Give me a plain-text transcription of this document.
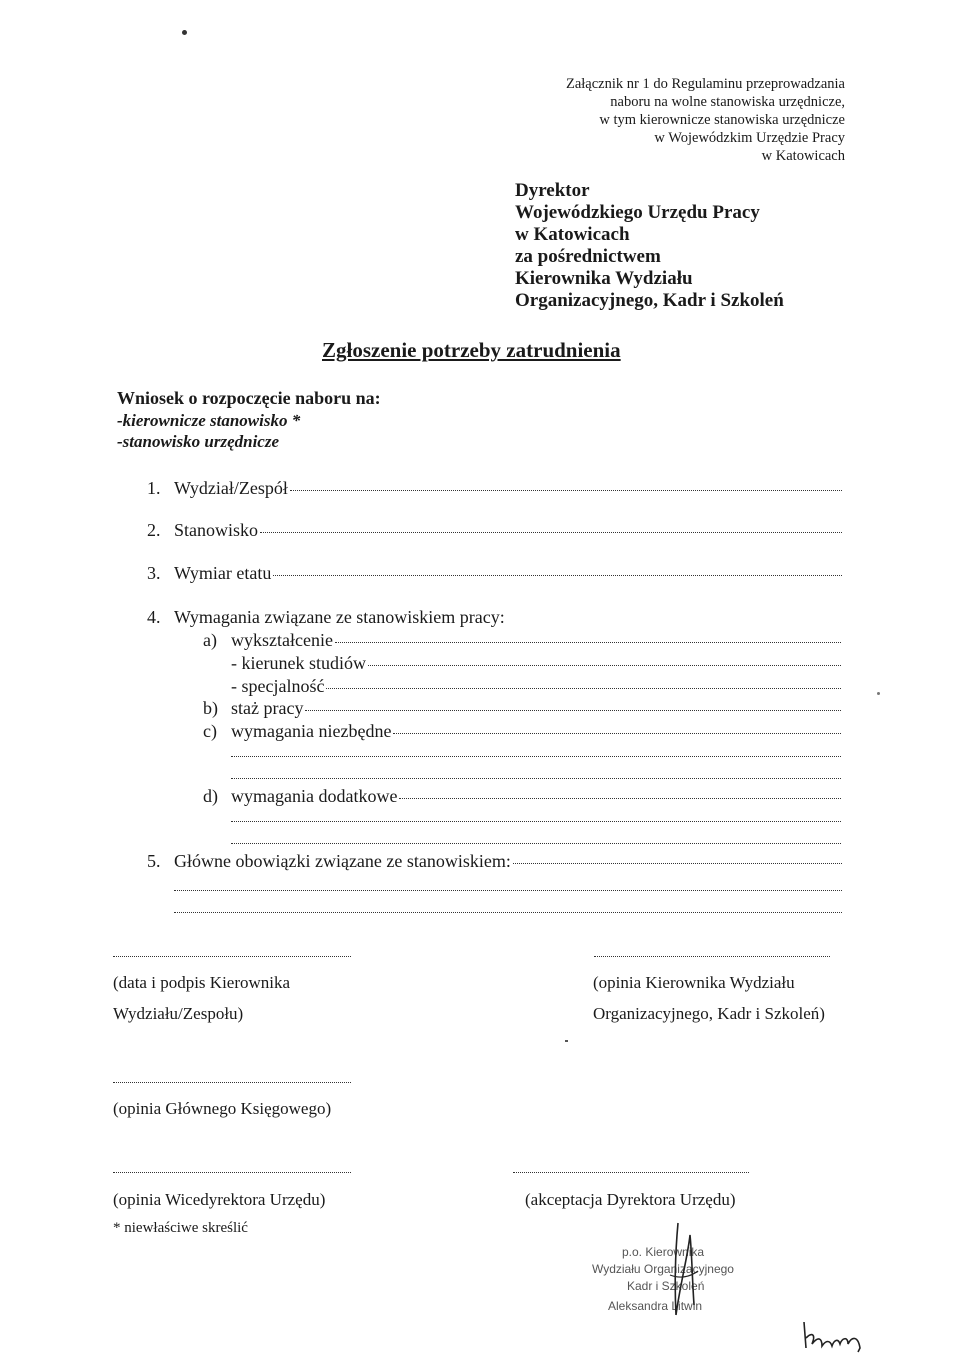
Załącznik nr 1 do Regulaminu przeprowadzania
naboru na wolne stanowiska urzędnicze,
w tym kierownicze stanowiska urzędnicze
w Wojewódzkim Urzędzie Pracy
w Katowicach
Dyrektor
Wojewódzkiego Urzędu Pracy
w Katowicach
za pośrednictwem
Kierownika Wydziału
Organizacyjnego, Kadr i Szkoleń
Zgłoszenie potrzeby zatrudnienia
Wniosek o rozpoczęcie naboru na:
-kierownicze stanowisko *
-stanowisko urzędnicze
1. Wydział/Zespół
2. Stanowisko
3. Wymiar etatu
4. Wymagania związane ze stanowiskiem pracy:
a) wykształcenie
- kierunek studiów
- specjalność
b) staż pracy
c) wymagania niezbędne
d) wymagania dodatkowe
5. Główne obowiązki związane ze stanowiskiem:
(data i podpis Kierownika
Wydziału/Zespołu)
(opinia Kierownika Wydziału
Organizacyjnego, Kadr i Szkoleń)
(opinia Głównego Księgowego)
(opinia Wicedyrektora Urzędu)	(akceptacja Dyrektora Urzędu)
* niewłaściwe skreślić
p.o. Kierownika
Wydziału Organizacyjnego
Kadr i Szkoleń
Aleksandra Litwin
